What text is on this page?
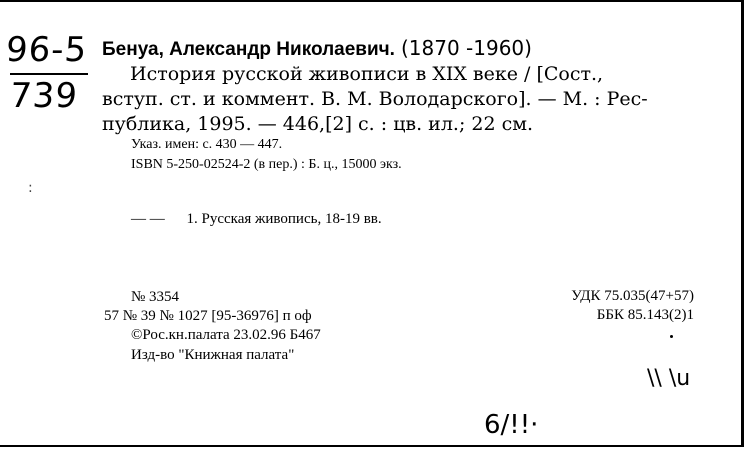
96-5
739
Бенуа, Александр Николаевич. (1870 -1960)
История русской живописи в XIX веке / [Сост.,
вступ. ст. и коммент. В. М. Володарского]. — М. : Рес-
публика, 1995. — 446,[2] с. : цв. ил.; 22 см.
Указ. имен: с. 430 — 447.
ISBN 5-250-02524-2 (в пер.) : Б. ц., 15000 экз.
:
— — 1. Русская живопись, 18-19 вв.
№ 3354
57 № 39 № 1027 [95-36976] п оф
©Рос.кн.палата 23.02.96 Б467
Изд-во "Книжная палата"
УДК 75.035(47+57)
ББК 85.143(2)1
\\ \u
6/!!·
